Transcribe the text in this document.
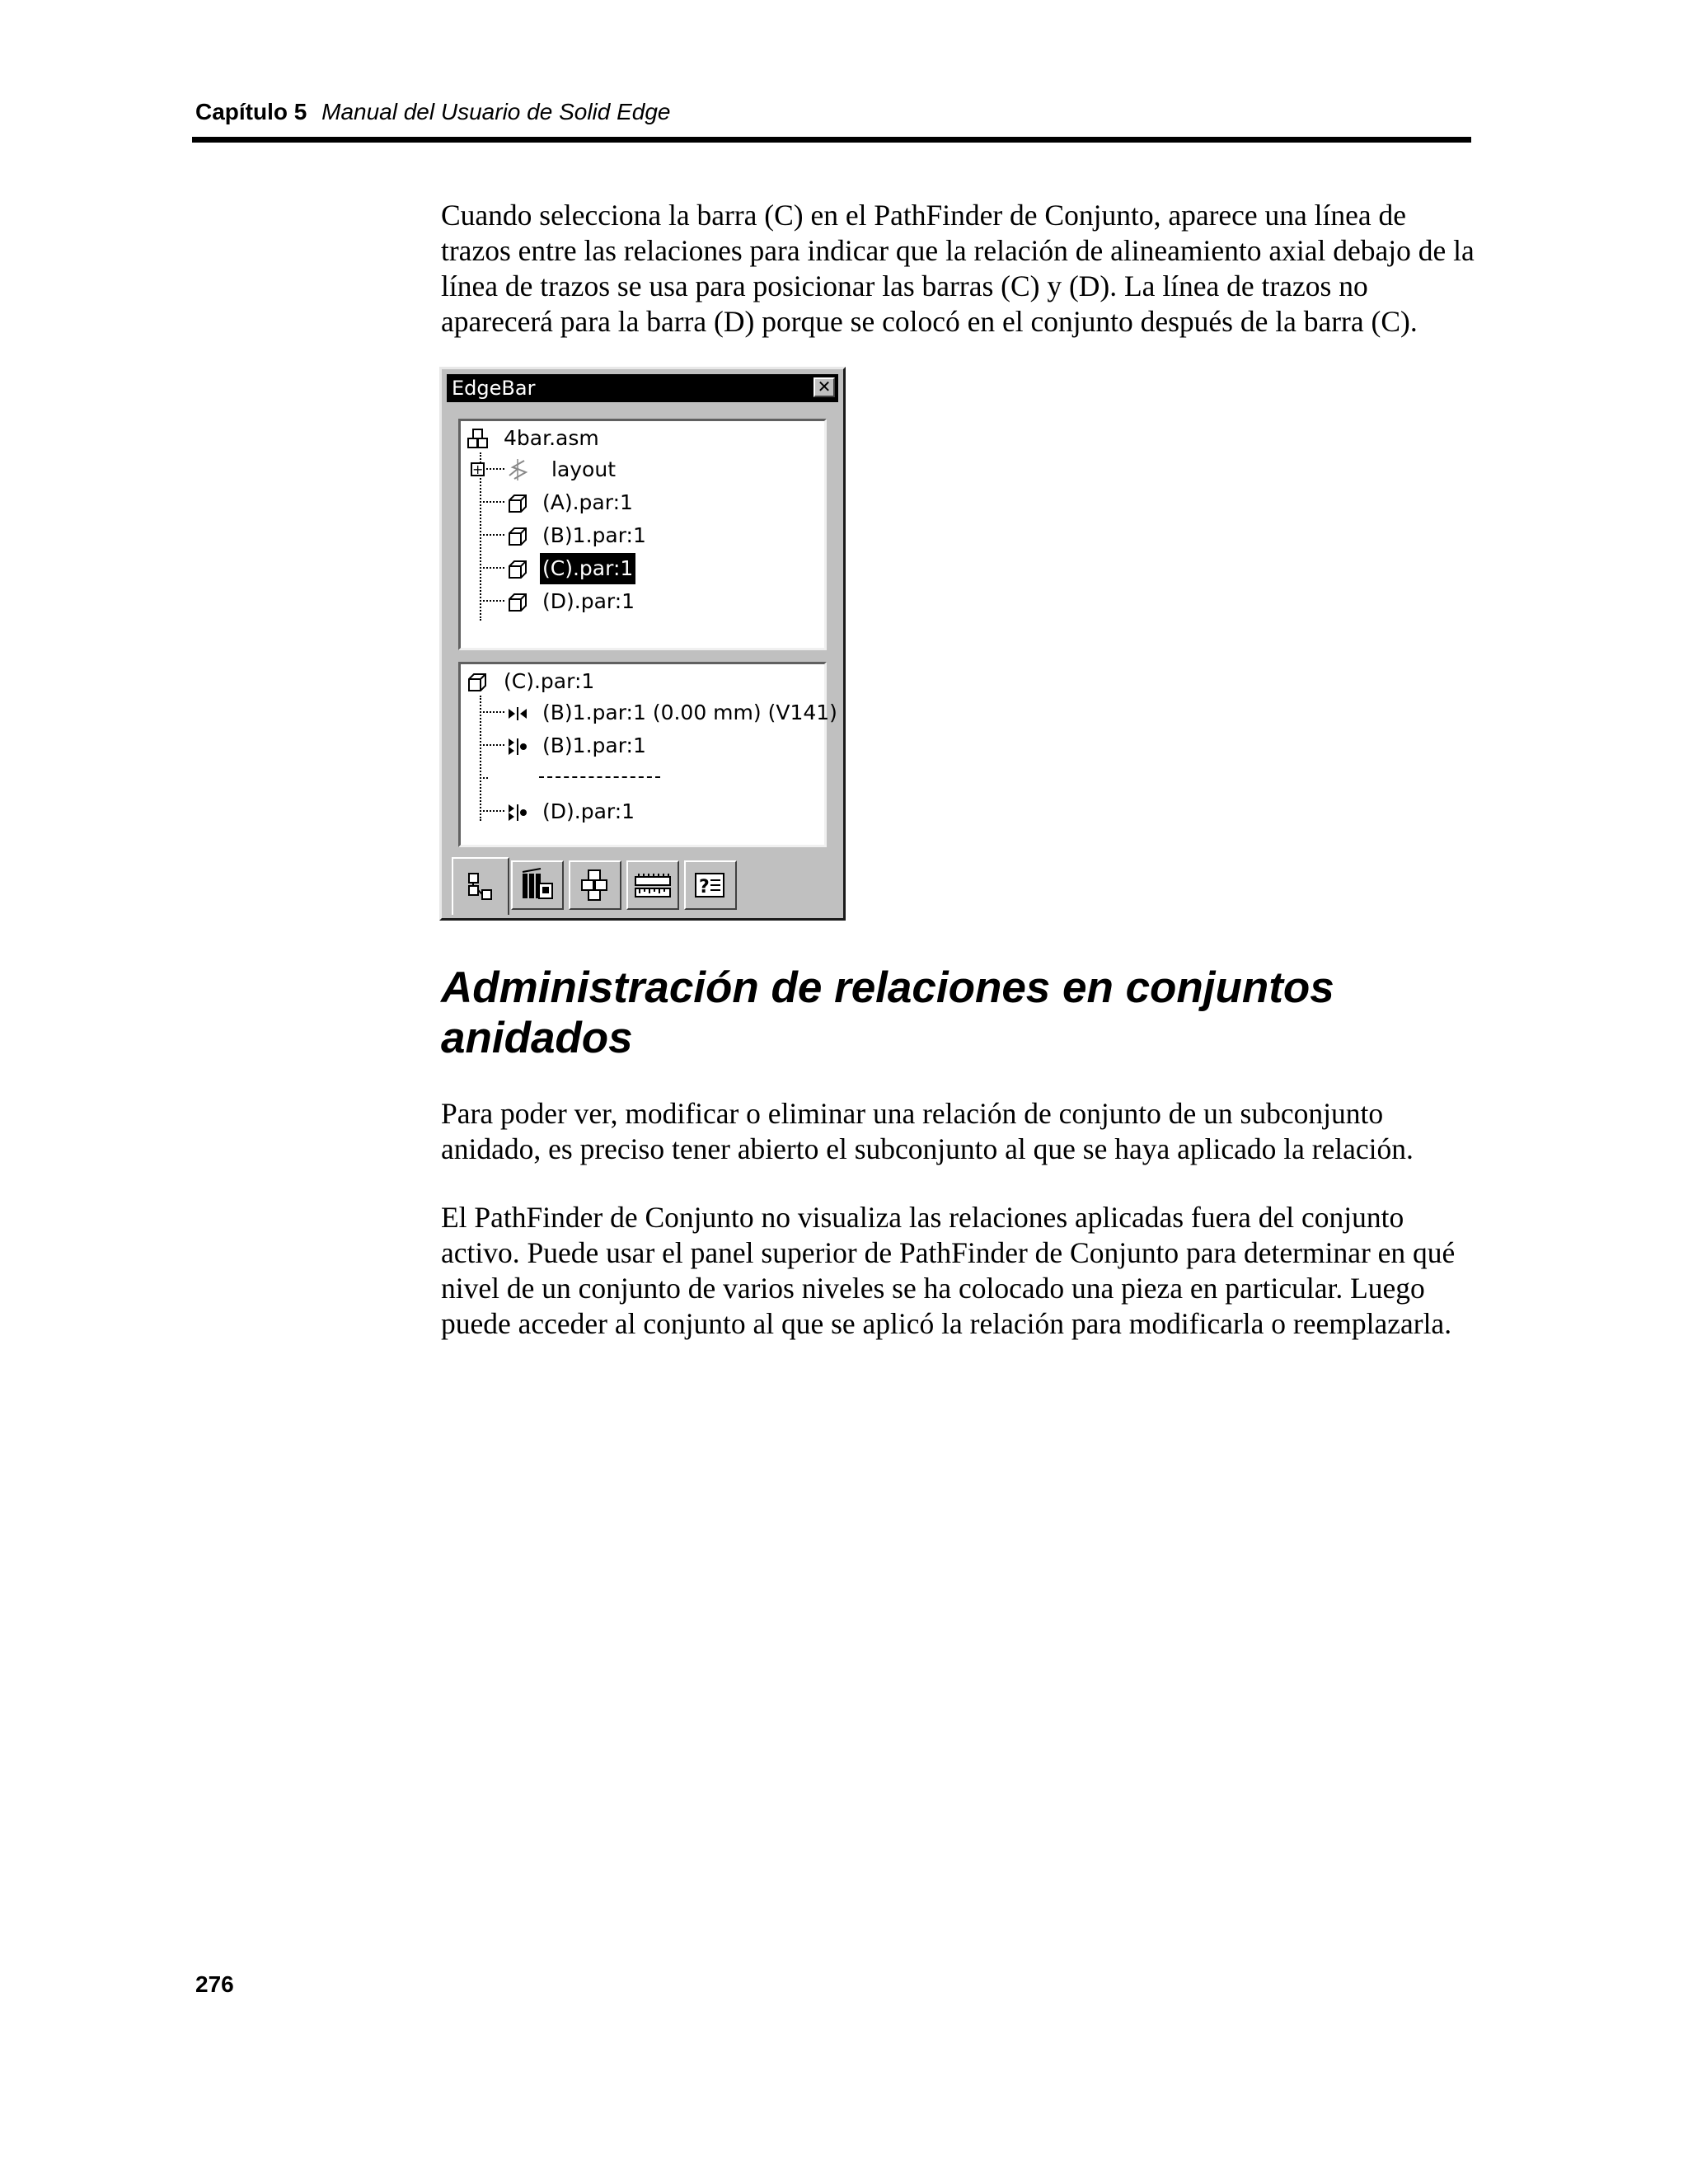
Capítulo 5 Manual del Usuario de Solid Edge

Cuando selecciona la barra (C) en el PathFinder de Conjunto, aparece una línea de trazos entre las relaciones para indicar que la relación de alineamiento axial debajo de la línea de trazos se usa para posicionar las barras (C) y (D). La línea de trazos no aparecerá para la barra (D) porque se colocó en el conjunto después de la barra (C).

EdgeBar	✕
4bar.asm
+	layout
(A).par:1
(B)1.par:1
(C).par:1
(D).par:1
(C).par:1
(B)1.par:1 (0.00 mm) (V141)
(B)1.par:1
(D).par:1
?
Administración de relaciones en conjuntos anidados

Para poder ver, modificar o eliminar una relación de conjunto de un subconjunto anidado, es preciso tener abierto el subconjunto al que se haya aplicado la relación.

El PathFinder de Conjunto no visualiza las relaciones aplicadas fuera del conjunto activo. Puede usar el panel superior de PathFinder de Conjunto para determinar en qué nivel de un conjunto de varios niveles se ha colocado una pieza en particular. Luego puede acceder al conjunto al que se aplicó la relación para modificarla o reemplazarla.

276
